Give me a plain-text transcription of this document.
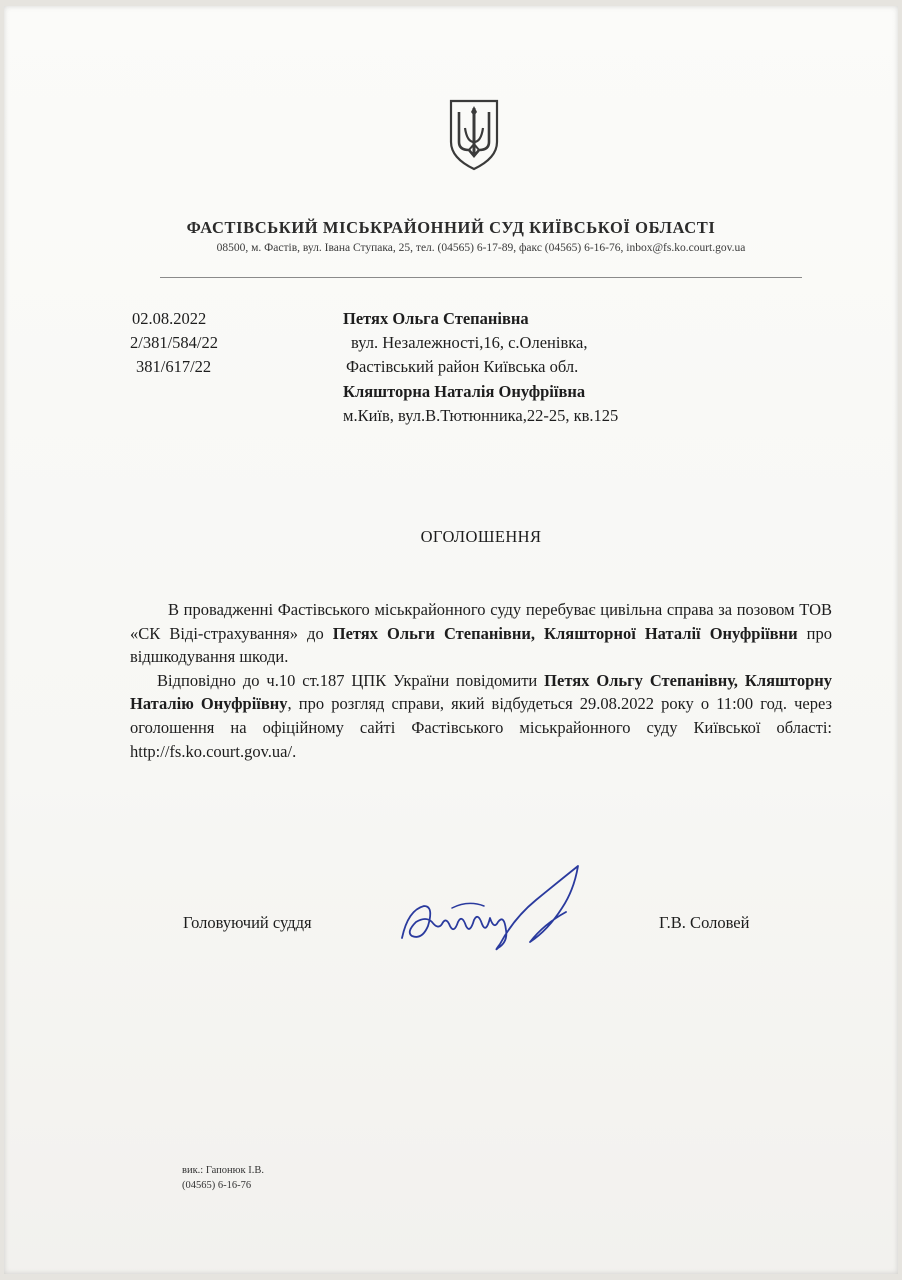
ФАСТІВСЬКИЙ МІСЬКРАЙОННИЙ СУД КИЇВСЬКОЇ ОБЛАСТІ
08500, м. Фастів, вул. Івана Ступака, 25, тел. (04565) 6-17-89, факс (04565) 6-16-76, inbox@fs.ko.court.gov.ua
02.08.2022
2/381/584/22
381/617/22
Петях Ольга Степанівна
вул. Незалежності,16, с.Оленівка,
Фастівський район Київська обл.
Кляшторна Наталія Онуфріївна
м.Київ, вул.В.Тютюнника,22-25, кв.125
ОГОЛОШЕННЯ

В провадженні Фастівського міськрайонного суду перебуває цивільна справа за позовом ТОВ «СК Віді-страхування» до Петях Ольги Степанівни, Кляшторної Наталії Онуфріївни про відшкодування шкоди.

Відповідно до ч.10 ст.187 ЦПК України повідомити Петях Ольгу Степанівну, Кляшторну Наталію Онуфріївну, про розгляд справи, який відбудеться 29.08.2022 року о 11:00 год. через оголошення на офіційному сайті Фастівського міськрайонного суду Київської області: http://fs.ko.court.gov.ua/.

Головуючий суддя	Г.В. Соловей
вик.: Гапонюк І.В.
(04565) 6-16-76
